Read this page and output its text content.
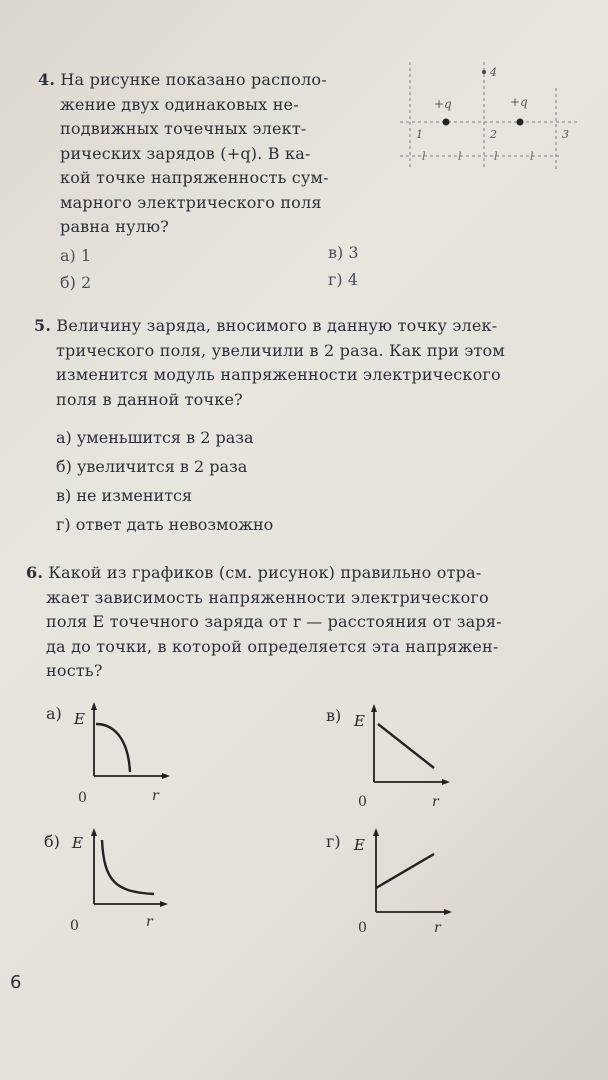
4. На рисунке показано располо-
жение двух одинаковых не-
подвижных точечных элект-
рических зарядов (+q). В ка-
кой точке напряженность сум-
марного электрического поля
равна нулю?
а) 1
б) 2
в) 3
г) 4
+q	+q
1	2	3
4
l	l	l	l
5. Величину заряда, вносимого в данную точку элек-
трического поля, увеличили в 2 раза. Как при этом
изменится модуль напряженности электрического
поля в данной точке?
а) уменьшится в 2 раза
б) увеличится в 2 раза
в) не изменится
г) ответ дать невозможно
6. Какой из графиков (см. рисунок) правильно отра-
жает зависимость напряженности электрического
поля E точечного заряда от r — расстояния от заря-
да до точки, в которой определяется эта напряжен-
ность?
а) E
0	r
в) E
0	r
б) E
0	r
г) E
0	r
6
